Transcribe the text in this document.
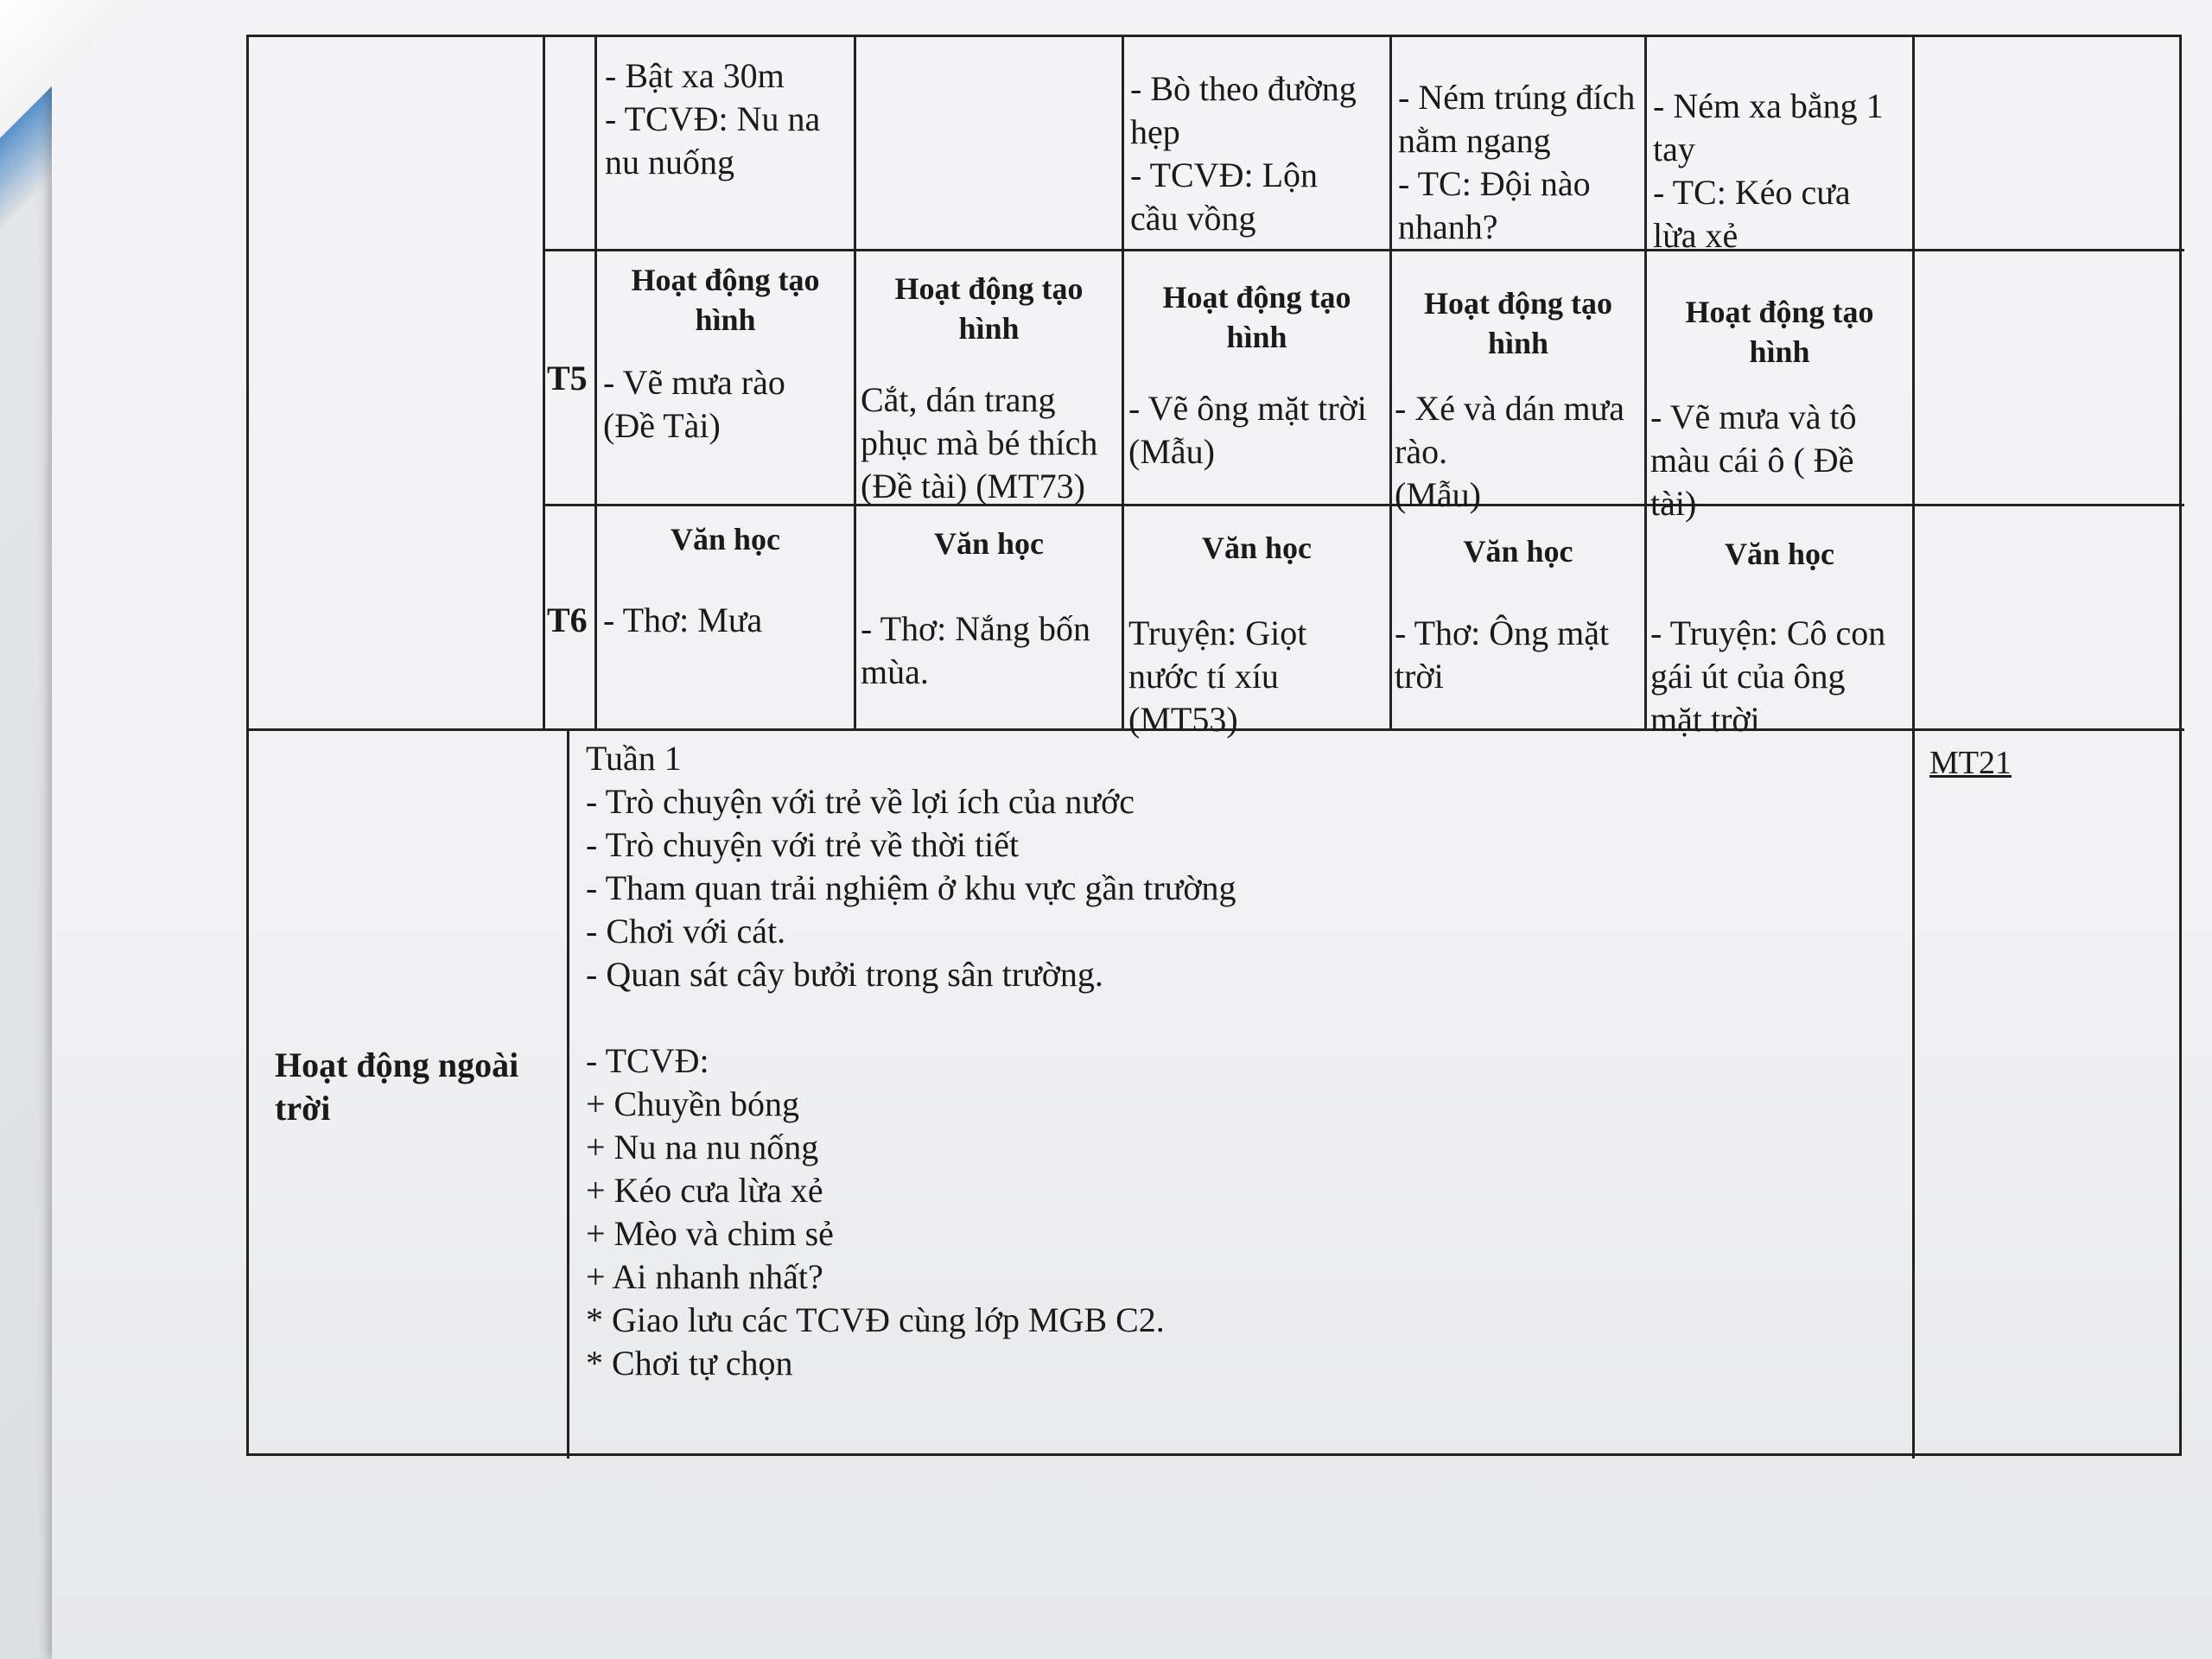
- Bật xa 30m
- TCVĐ: Nu na
nu nuống
- Bò theo đường
hẹp
- TCVĐ: Lộn
cầu vồng
- Ném trúng đích
nằm ngang
- TC: Đội nào
nhanh?
- Ném xa bằng 1
tay
- TC: Kéo cưa
lừa xẻ
T5
Hoạt động tạo
hình
- Vẽ mưa rào
(Đề Tài)
Hoạt động tạo
hình
Cắt, dán trang
phục mà bé thích
(Đề tài) (MT73)
Hoạt động tạo
hình
- Vẽ ông mặt trời
(Mẫu)
Hoạt động tạo
hình
- Xé và dán mưa
rào.
(Mẫu)
Hoạt động tạo
hình
- Vẽ mưa và tô
màu cái ô ( Đề
tài)
T6
Văn học
- Thơ: Mưa
Văn học
- Thơ: Nắng bốn
mùa.
Văn học
Truyện: Giọt
nước tí xíu
(MT53)
Văn học
- Thơ: Ông mặt
trời
Văn học
- Truyện: Cô con
gái út của ông
mặt trời
Hoạt động ngoài
trời
MT21
Tuần 1
- Trò chuyện với trẻ về lợi ích của nước
- Trò chuyện với trẻ về thời tiết
- Tham quan trải nghiệm ở khu vực gần trường
- Chơi với cát.
- Quan sát cây bưởi trong sân trường.
- TCVĐ:
+ Chuyền bóng
+ Nu na nu nống
+ Kéo cưa lừa xẻ
+ Mèo và chim sẻ
+ Ai nhanh nhất?
* Giao lưu các TCVĐ cùng lớp MGB C2.
* Chơi tự chọn
